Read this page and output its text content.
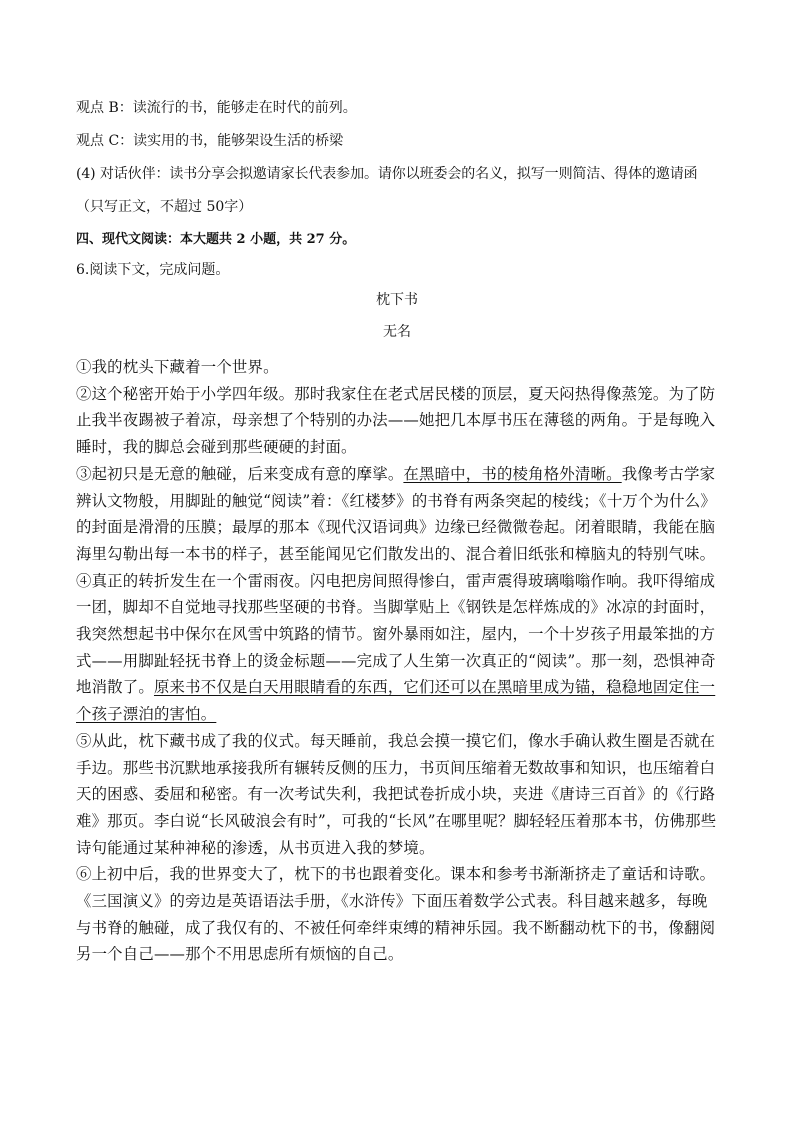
观点 B：读流行的书，能够走在时代的前列。

观点 C：读实用的书，能够架设生活的桥梁

(4) 对话伙伴：读书分享会拟邀请家长代表参加。请你以班委会的名义，拟写一则简洁、得体的邀请函

（只写正文，不超过 50字）

四、现代文阅读：本大题共 2 小题，共 27 分。

6.阅读下文，完成问题。

枕下书

无名

①我的枕头下藏着一个世界。

②这个秘密开始于小学四年级。那时我家住在老式居民楼的顶层，夏天闷热得像蒸笼。为了防止我半夜踢被子着凉，母亲想了个特别的办法——她把几本厚书压在薄毯的两角。于是每晚入睡时，我的脚总会碰到那些硬硬的封面。

③起初只是无意的触碰，后来变成有意的摩挲。在黑暗中，书的棱角格外清晰。我像考古学家辨认文物般，用脚趾的触觉“阅读”着：《红楼梦》的书脊有两条突起的棱线；《十万个为什么》的封面是滑滑的压膜；最厚的那本《现代汉语词典》边缘已经微微卷起。闭着眼睛，我能在脑海里勾勒出每一本书的样子，甚至能闻见它们散发出的、混合着旧纸张和樟脑丸的特别气味。

④真正的转折发生在一个雷雨夜。闪电把房间照得惨白，雷声震得玻璃嗡嗡作响。我吓得缩成一团，脚却不自觉地寻找那些坚硬的书脊。当脚掌贴上《钢铁是怎样炼成的》冰凉的封面时，我突然想起书中保尔在风雪中筑路的情节。窗外暴雨如注，屋内，一个十岁孩子用最笨拙的方式——用脚趾轻抚书脊上的烫金标题——完成了人生第一次真正的“阅读”。那一刻，恐惧神奇地消散了。原来书不仅是白天用眼睛看的东西，它们还可以在黑暗里成为锚，稳稳地固定住一个孩子漂泊的害怕。

⑤从此，枕下藏书成了我的仪式。每天睡前，我总会摸一摸它们，像水手确认救生圈是否就在手边。那些书沉默地承接我所有辗转反侧的压力，书页间压缩着无数故事和知识，也压缩着白天的困惑、委屈和秘密。有一次考试失利，我把试卷折成小块，夹进《唐诗三百首》的《行路难》那页。李白说“长风破浪会有时”，可我的“长风”在哪里呢？脚轻轻压着那本书，仿佛那些诗句能通过某种神秘的渗透，从书页进入我的梦境。

⑥上初中后，我的世界变大了，枕下的书也跟着变化。课本和参考书渐渐挤走了童话和诗歌。《三国演义》的旁边是英语语法手册，《水浒传》下面压着数学公式表。科目越来越多，每晚与书脊的触碰，成了我仅有的、不被任何牵绊束缚的精神乐园。我不断翻动枕下的书，像翻阅另一个自己——那个不用思虑所有烦恼的自己。
